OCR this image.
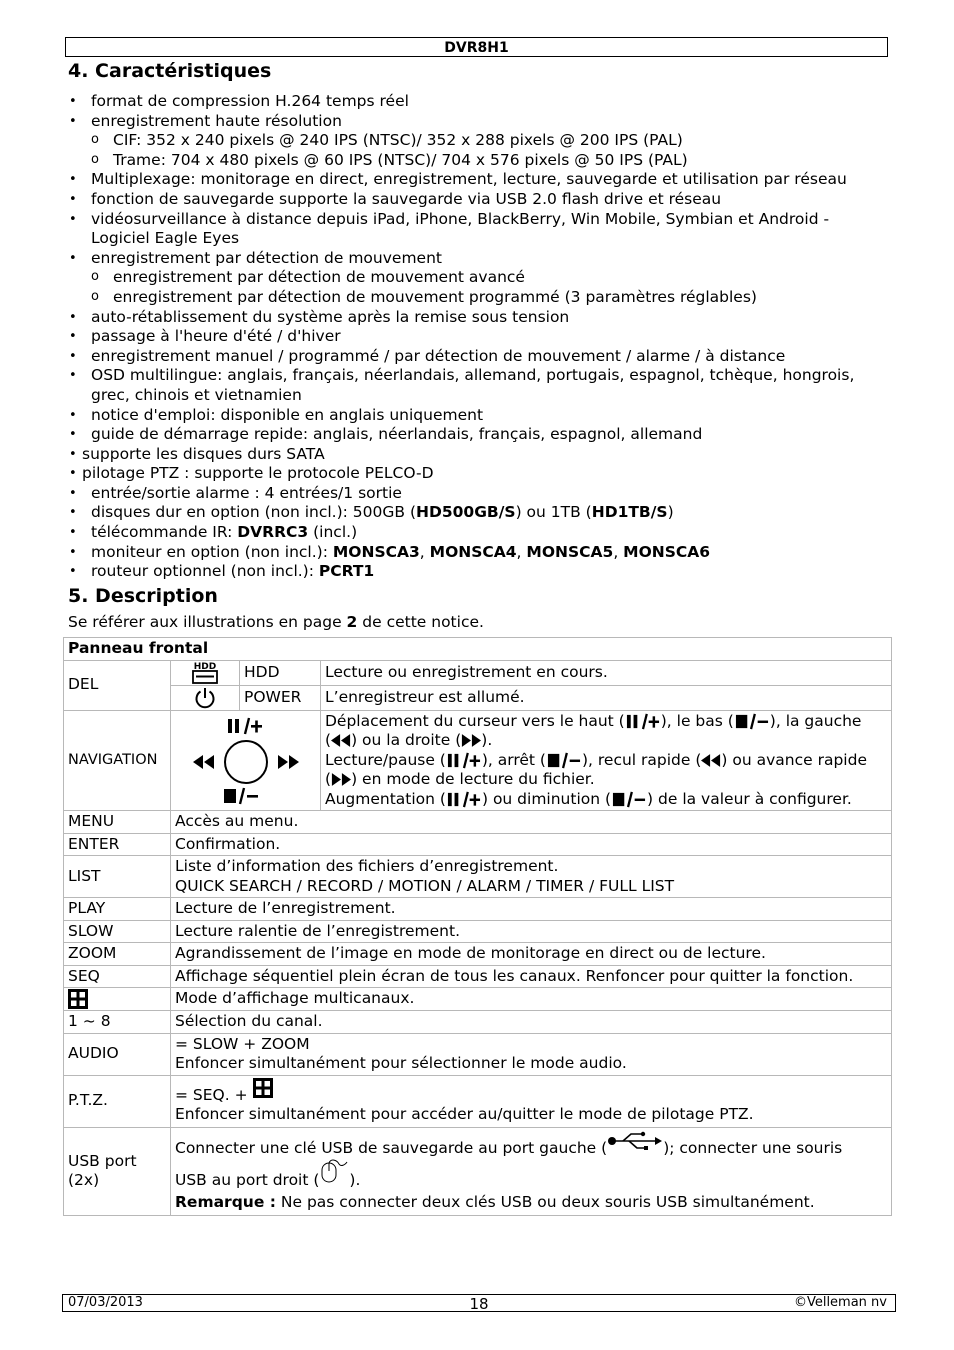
DVR8H1
4. Caractéristiques
• format de compression H.264 temps réel
• enregistrement haute résolution
o CIF: 352 x 240 pixels @ 240 IPS (NTSC)/ 352 x 288 pixels @ 200 IPS (PAL)
o Trame: 704 x 480 pixels @ 60 IPS (NTSC)/ 704 x 576 pixels @ 50 IPS (PAL)
• Multiplexage: monitorage en direct, enregistrement, lecture, sauvegarde et utilisation par réseau
• fonction de sauvegarde supporte la sauvegarde via USB 2.0 flash drive et réseau
• vidéosurveillance à distance depuis iPad, iPhone, BlackBerry, Win Mobile, Symbian et Android - Logiciel Eagle Eyes
• enregistrement par détection de mouvement
o enregistrement par détection de mouvement avancé
o enregistrement par détection de mouvement programmé (3 paramètres réglables)
• auto-rétablissement du système après la remise sous tension
• passage à l'heure d'été / d'hiver
• enregistrement manuel / programmé / par détection de mouvement / alarme / à distance
• OSD multilingue: anglais, français, néerlandais, allemand, portugais, espagnol, tchèque, hongrois, grec, chinois et vietnamien
• notice d'emploi: disponible en anglais uniquement
• guide de démarrage repide: anglais, néerlandais, français, espagnol, allemand
• supporte les disques durs SATA
• pilotage PTZ : supporte le protocole PELCO-D
• entrée/sortie alarme : 4 entrées/1 sortie
• disques dur en option (non incl.): 500GB (HD500GB/S) ou 1TB (HD1TB/S)
• télécommande IR: DVRRC3 (incl.)
• moniteur en option (non incl.): MONSCA3, MONSCA4, MONSCA5, MONSCA6
• routeur optionnel (non incl.): PCRT1
5. Description
Se référer aux illustrations en page 2 de cette notice.
Panneau frontal			
DEL	HDD	HDD	Lecture ou enregistrement en cours.
	POWER	L’enregistreur est allumé.
NAVIGATION			Déplacement du curseur vers le haut ( ), le bas ( ), la gauche
( ) ou la droite ( ).
Lecture/pause ( ), arrêt ( ), recul rapide ( ) ou avance rapide
( ) en mode de lecture du fichier.
Augmentation ( ) ou diminution ( ) de la valeur à configurer.
MENU	Accès au menu.		
ENTER	Confirmation.		
LIST	Liste d’information des fichiers d’enregistrement.
QUICK SEARCH / RECORD / MOTION / ALARM / TIMER / FULL LIST		
PLAY	Lecture de l’enregistrement.		
SLOW	Lecture ralentie de l’enregistrement.		
ZOOM	Agrandissement de l’image en mode de monitorage en direct ou de lecture.		
SEQ	Affichage séquentiel plein écran de tous les canaux. Renfoncer pour quitter la fonction.		
	Mode d’affichage multicanaux.		
1 ~ 8	Sélection du canal.		
AUDIO	= SLOW + ZOOM
Enfoncer simultanément pour sélectionner le mode audio.		
P.T.Z.	= SEQ. +
Enfoncer simultanément pour accéder au/quitter le mode de pilotage PTZ.		
USB port
(2x)	Connecter une clé USB de sauvegarde au port gauche ( ); connecter une souris
USB au port droit ( ).
Remarque : Ne pas connecter deux clés USB ou deux souris USB simultanément.		
07/03/2013	18	©Velleman nv
